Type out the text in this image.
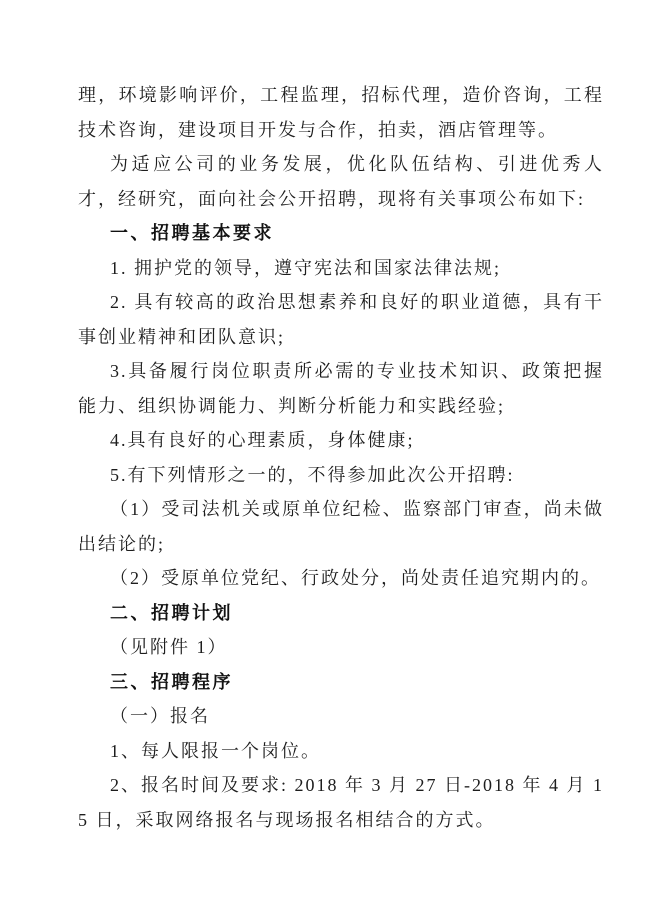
理，环境影响评价，工程监理，招标代理，造价咨询，工程技术咨询，建设项目开发与合作，拍卖，酒店管理等。

为适应公司的业务发展，优化队伍结构、引进优秀人才，经研究，面向社会公开招聘，现将有关事项公布如下:

一、招聘基本要求

1. 拥护党的领导，遵守宪法和国家法律法规;

2. 具有较高的政治思想素养和良好的职业道德，具有干事创业精神和团队意识;

3.具备履行岗位职责所必需的专业技术知识、政策把握能力、组织协调能力、判断分析能力和实践经验;

4.具有良好的心理素质，身体健康;

5.有下列情形之一的，不得参加此次公开招聘:

（1）受司法机关或原单位纪检、监察部门审查，尚未做出结论的;

（2）受原单位党纪、行政处分，尚处责任追究期内的。

二、招聘计划

（见附件 1）

三、招聘程序

（一）报名

1、每人限报一个岗位。

2、报名时间及要求: 2018 年 3 月 27 日-2018 年 4 月 15 日，采取网络报名与现场报名相结合的方式。
